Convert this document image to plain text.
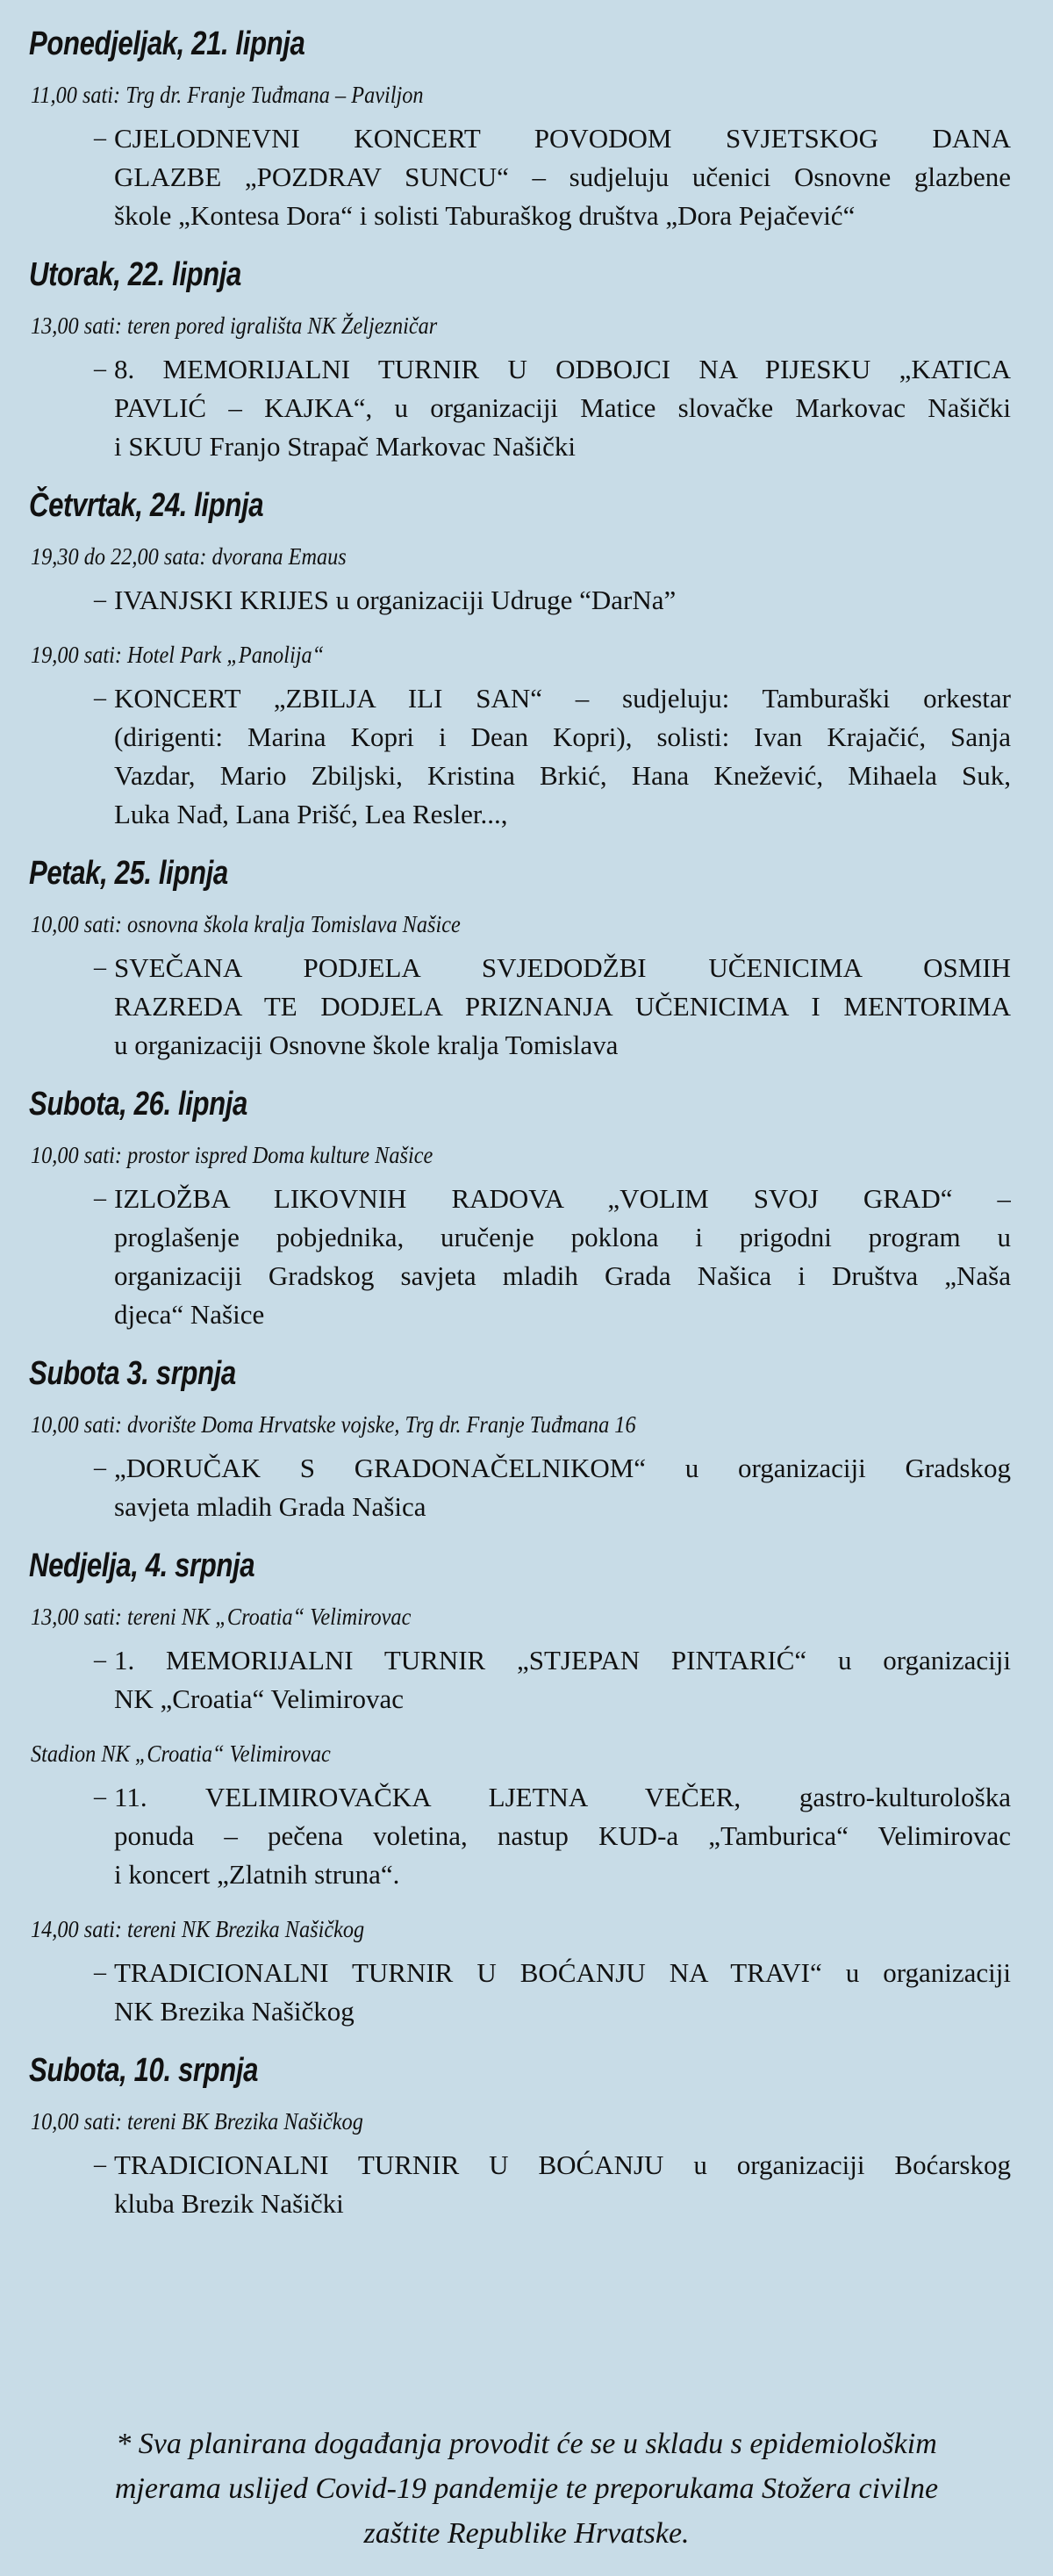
Ponedjeljak, 21. lipnja
11,00 sati: Trg dr. Franje Tuđmana – Paviljon
– CJELODNEVNI KONCERT POVODOM SVJETSKOG DANA
GLAZBE „POZDRAV SUNCU“ – sudjeluju učenici Osnovne glazbene
škole „Kontesa Dora“ i solisti Taburaškog društva „Dora Pejačević“
Utorak, 22. lipnja
13,00 sati: teren pored igrališta NK Željezničar
– 8. MEMORIJALNI TURNIR U ODBOJCI NA PIJESKU „KATICA
PAVLIĆ – KAJKA“, u organizaciji Matice slovačke Markovac Našički
i SKUU Franjo Strapač Markovac Našički
Četvrtak, 24. lipnja
19,30 do 22,00 sata: dvorana Emaus
– IVANJSKI KRIJES u organizaciji Udruge “DarNa”
19,00 sati: Hotel Park „Panolija“
– KONCERT „ZBILJA ILI SAN“ – sudjeluju: Tamburaški orkestar
(dirigenti: Marina Kopri i Dean Kopri), solisti: Ivan Krajačić, Sanja
Vazdar, Mario Zbiljski, Kristina Brkić, Hana Knežević, Mihaela Suk,
Luka Nađ, Lana Prišć, Lea Resler...,
Petak, 25. lipnja
10,00 sati: osnovna škola kralja Tomislava Našice
– SVEČANA PODJELA SVJEDODŽBI UČENICIMA OSMIH
RAZREDA TE DODJELA PRIZNANJA UČENICIMA I MENTORIMA
u organizaciji Osnovne škole kralja Tomislava
Subota, 26. lipnja
10,00 sati: prostor ispred Doma kulture Našice
– IZLOŽBA LIKOVNIH RADOVA „VOLIM SVOJ GRAD“ –
proglašenje pobjednika, uručenje poklona i prigodni program u
organizaciji Gradskog savjeta mladih Grada Našica i Društva „Naša
djeca“ Našice
Subota 3. srpnja
10,00 sati: dvorište Doma Hrvatske vojske, Trg dr. Franje Tuđmana 16
– „DORUČAK S GRADONAČELNIKOM“ u organizaciji Gradskog
savjeta mladih Grada Našica
Nedjelja, 4. srpnja
13,00 sati: tereni NK „Croatia“ Velimirovac
– 1. MEMORIJALNI TURNIR „STJEPAN PINTARIĆ“ u organizaciji
NK „Croatia“ Velimirovac
Stadion NK „Croatia“ Velimirovac
– 11. VELIMIROVAČKA LJETNA VEČER, gastro-kulturološka
ponuda – pečena voletina, nastup KUD-a „Tamburica“ Velimirovac
i koncert „Zlatnih struna“.
14,00 sati: tereni NK Brezika Našičkog
– TRADICIONALNI TURNIR U BOĆANJU NA TRAVI“ u organizaciji
NK Brezika Našičkog
Subota, 10. srpnja
10,00 sati: tereni BK Brezika Našičkog
– TRADICIONALNI TURNIR U BOĆANJU u organizaciji Boćarskog
kluba Brezik Našički
* Sva planirana događanja provodit će se u skladu s epidemiološkim
mjerama uslijed Covid-19 pandemije te preporukama Stožera civilne
zaštite Republike Hrvatske.
